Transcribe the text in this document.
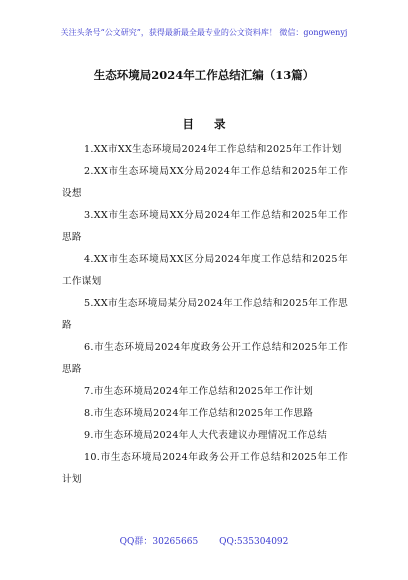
关注头条号“公文研究”，获得最新最全最专业的公文资料库！ 微信：gongwenyj
生态环境局2024年工作总结汇编（13篇）
目 录

1.XX市XX生态环境局2024年工作总结和2025年工作计划

2.XX市生态环境局XX分局2024年工作总结和2025年工作设想

3.XX市生态环境局XX分局2024年工作总结和2025年工作思路

4.XX市生态环境局XX区分局2024年度工作总结和2025年工作谋划

5.XX市生态环境局某分局2024年工作总结和2025年工作思路

6.市生态环境局2024年度政务公开工作总结和2025年工作思路

7.市生态环境局2024年工作总结和2025年工作计划

8.市生态环境局2024年工作总结和2025年工作思路

9.市生态环境局2024年人大代表建议办理情况工作总结

10.市生态环境局2024年政务公开工作总结和2025年工作计划

QQ群：30265665 QQ:535304092
